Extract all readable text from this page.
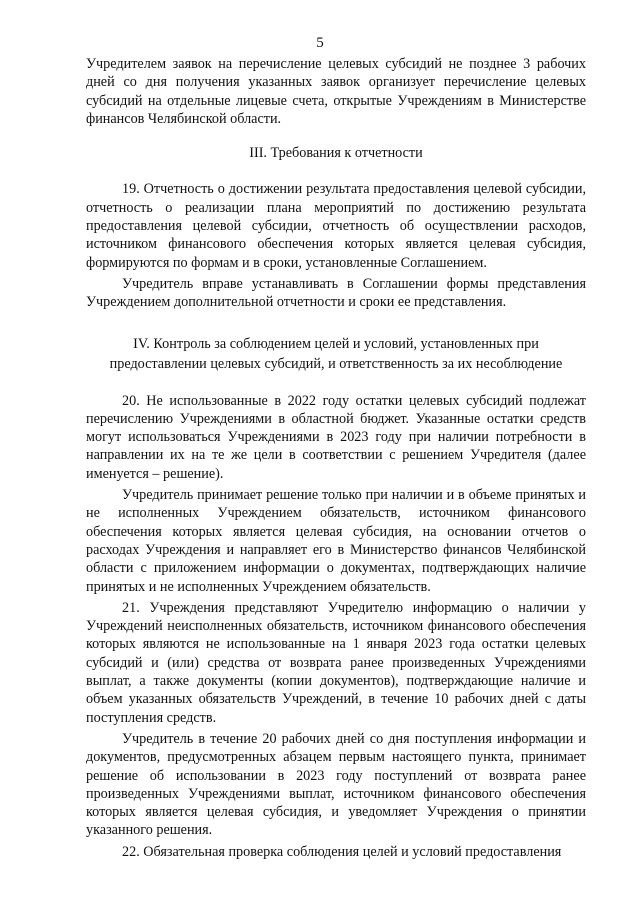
5

Учредителем заявок на перечисление целевых субсидий не позднее 3 рабочих дней со дня получения указанных заявок организует перечисление целевых субсидий на отдельные лицевые счета, открытые Учреждениям в Министерстве финансов Челябинской области.

III. Требования к отчетности

19. Отчетность о достижении результата предоставления целевой субсидии, отчетность о реализации плана мероприятий по достижению результата предоставления целевой субсидии, отчетность об осуществлении расходов, источником финансового обеспечения которых является целевая субсидия, формируются по формам и в сроки, установленные Соглашением.

Учредитель вправе устанавливать в Соглашении формы представления Учреждением дополнительной отчетности и сроки ее представления.

IV. Контроль за соблюдением целей и условий, установленных при

предоставлении целевых субсидий, и ответственность за их несоблюдение

20. Не использованные в 2022 году остатки целевых субсидий подлежат перечислению Учреждениями в областной бюджет. Указанные остатки средств могут использоваться Учреждениями в 2023 году при наличии потребности в направлении их на те же цели в соответствии с решением Учредителя (далее именуется – решение).

Учредитель принимает решение только при наличии и в объеме принятых и не исполненных Учреждением обязательств, источником финансового обеспечения которых является целевая субсидия, на основании отчетов о расходах Учреждения и направляет его в Министерство финансов Челябинской области с приложением информации о документах, подтверждающих наличие принятых и не исполненных Учреждением обязательств.

21. Учреждения представляют Учредителю информацию о наличии у Учреждений неисполненных обязательств, источником финансового обеспечения которых являются не использованные на 1 января 2023 года остатки целевых субсидий и (или) средства от возврата ранее произведенных Учреждениями выплат, а также документы (копии документов), подтверждающие наличие и объем указанных обязательств Учреждений, в течение 10 рабочих дней с даты поступления средств.

Учредитель в течение 20 рабочих дней со дня поступления информации и документов, предусмотренных абзацем первым настоящего пункта, принимает решение об использовании в 2023 году поступлений от возврата ранее произведенных Учреждениями выплат, источником финансового обеспечения которых является целевая субсидия, и уведомляет Учреждения о принятии указанного решения.

22. Обязательная проверка соблюдения целей и условий предоставления
